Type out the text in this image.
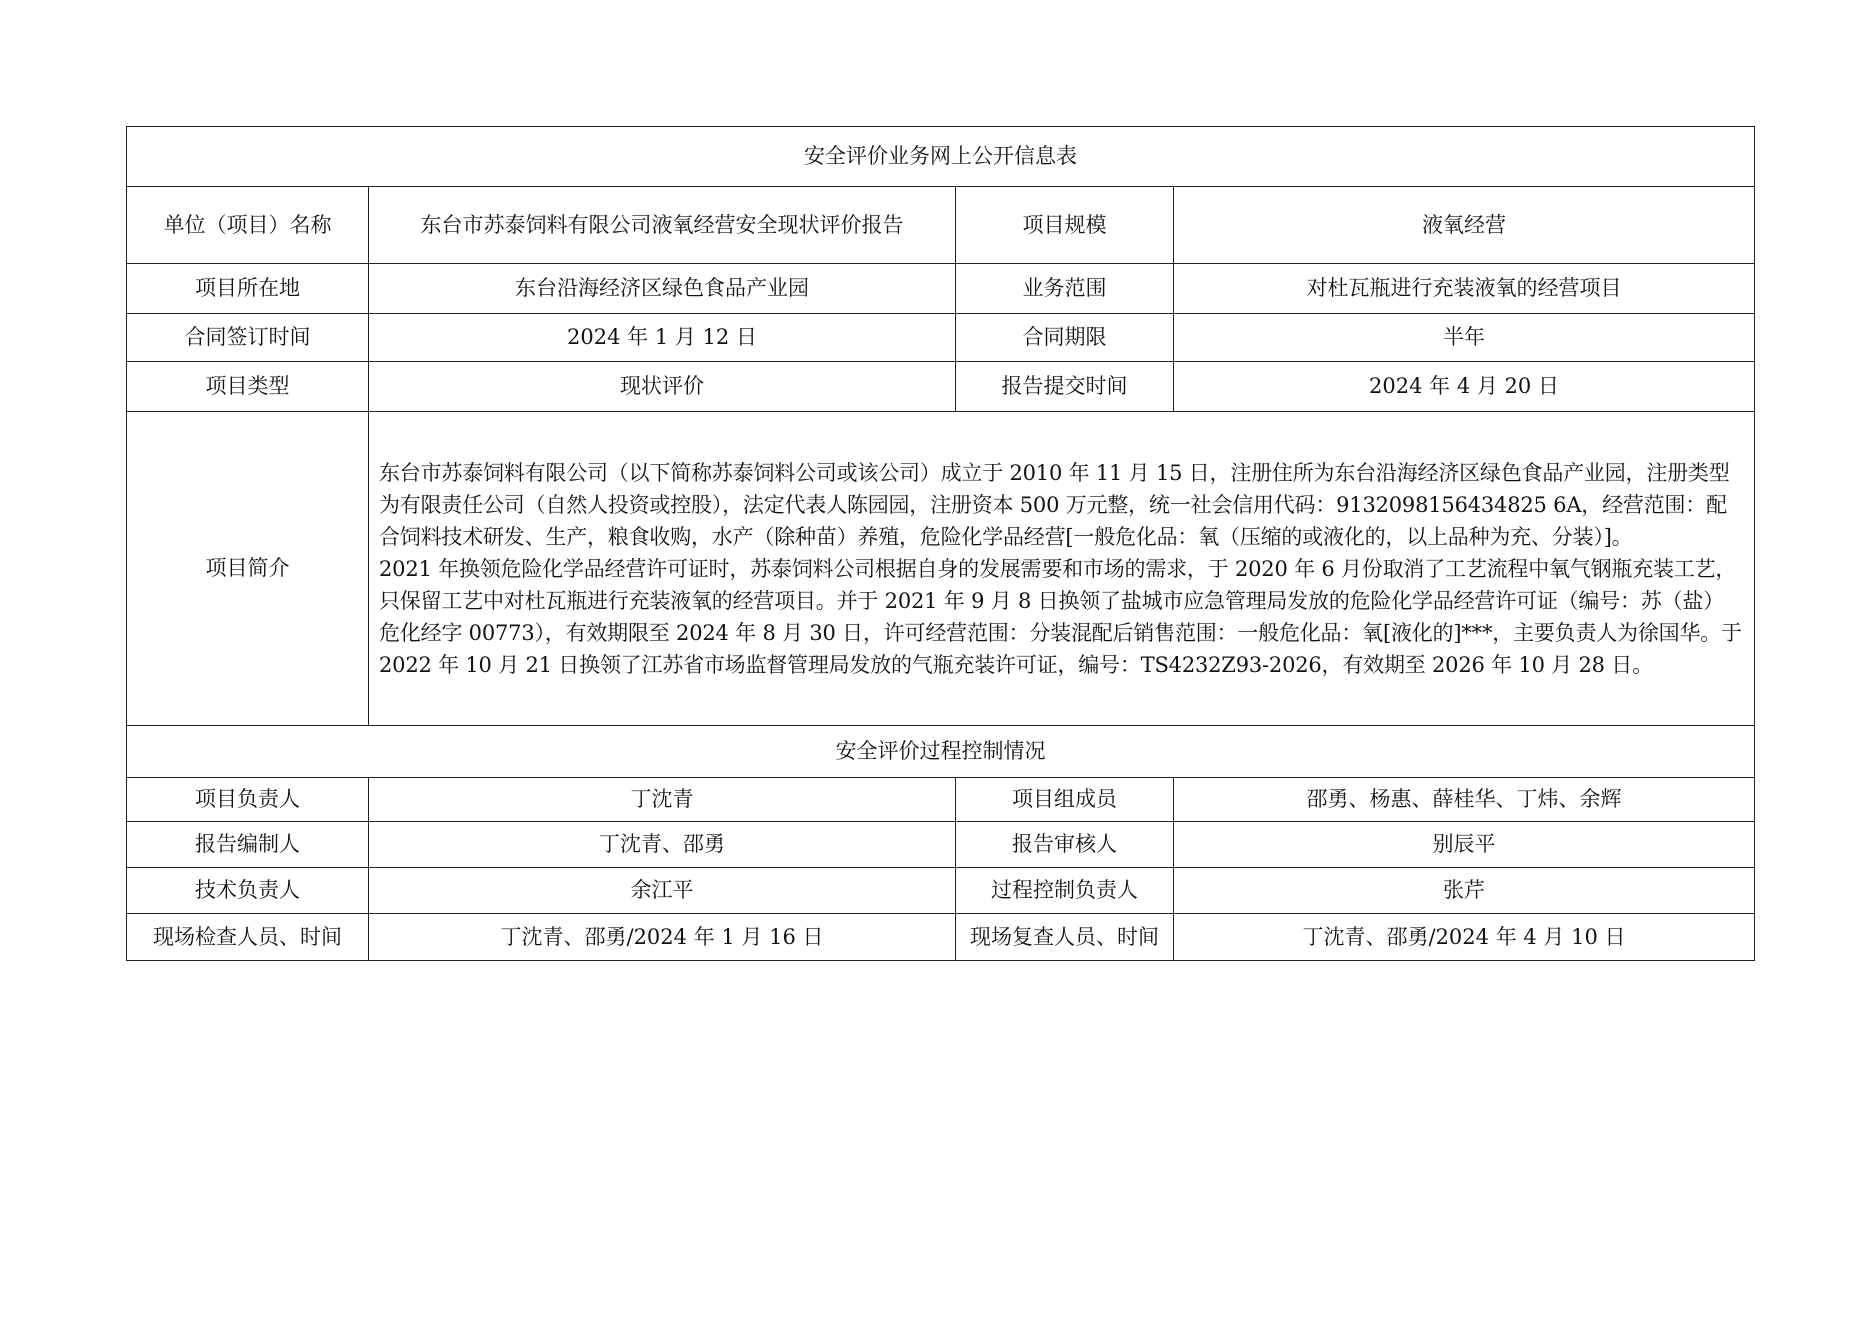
安全评价业务网上公开信息表			
单位（项目）名称	东台市苏泰饲料有限公司液氧经营安全现状评价报告	项目规模	液氧经营
项目所在地	东台沿海经济区绿色食品产业园	业务范围	对杜瓦瓶进行充装液氧的经营项目
合同签订时间	2024 年 1 月 12 日	合同期限	半年
项目类型	现状评价	报告提交时间	2024 年 4 月 20 日
项目简介	东台市苏泰饲料有限公司（以下简称苏泰饲料公司或该公司）成立于 2010 年 11 月 15 日，注册住所为东台沿海经济区绿色食品产业园，注册类型为有限责任公司（自然人投资或控股），法定代表人陈园园，注册资本 500 万元整，统一社会信用代码：9132098156434825 6A，经营范围：配合饲料技术研发、生产，粮食收购，水产（除种苗）养殖，危险化学品经营[一般危化品：氧（压缩的或液化的，以上品种为充、分装）]。
2021 年换领危险化学品经营许可证时，苏泰饲料公司根据自身的发展需要和市场的需求，于 2020 年 6 月份取消了工艺流程中氧气钢瓶充装工艺，只保留工艺中对杜瓦瓶进行充装液氧的经营项目。并于 2021 年 9 月 8 日换领了盐城市应急管理局发放的危险化学品经营许可证（编号：苏（盐）危化经字 00773），有效期限至 2024 年 8 月 30 日，许可经营范围：分装混配后销售范围：一般危化品：氧[液化的]***，主要负责人为徐国华。于 2022 年 10 月 21 日换领了江苏省市场监督管理局发放的气瓶充装许可证，编号：TS4232Z93-2026，有效期至 2026 年 10 月 28 日。		

安全评价过程控制情况			
项目负责人	丁沈青	项目组成员	邵勇、杨惠、薛桂华、丁炜、余辉
报告编制人	丁沈青、邵勇	报告审核人	别辰平
技术负责人	余江平	过程控制负责人	张芹
现场检查人员、时间	丁沈青、邵勇/2024 年 1 月 16 日	现场复查人员、时间	丁沈青、邵勇/2024 年 4 月 10 日
